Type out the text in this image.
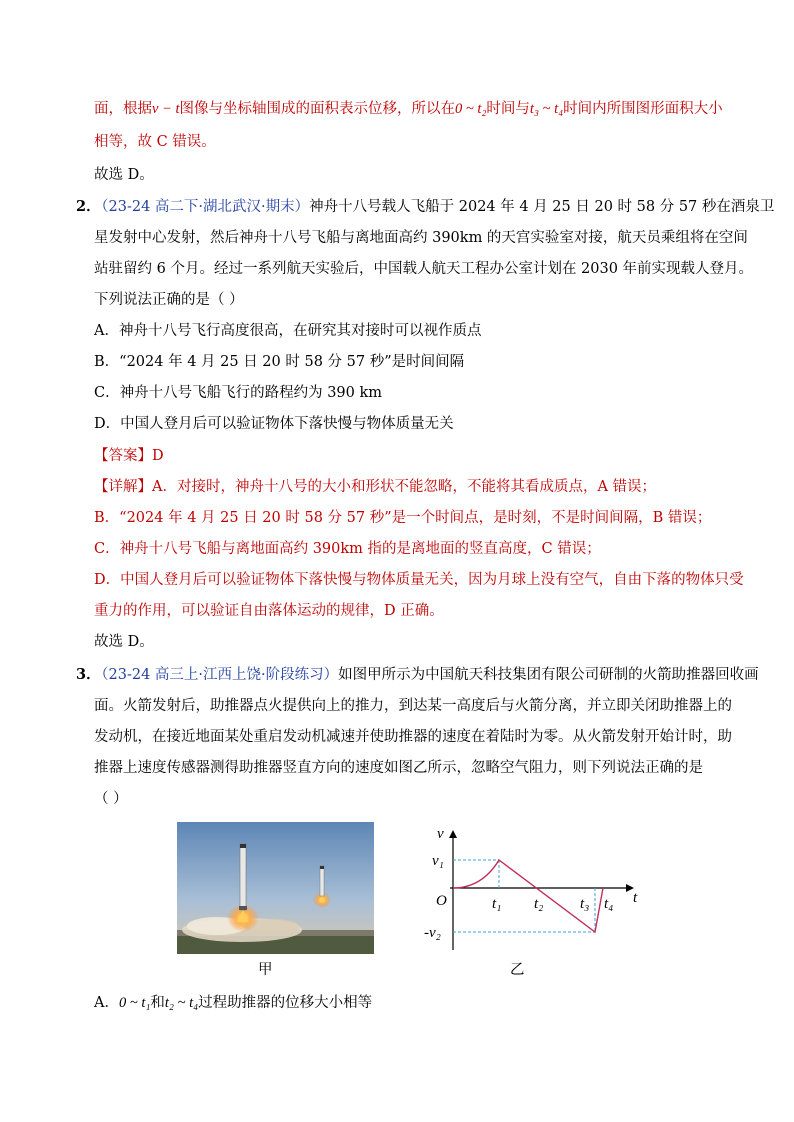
面，根据v − t图像与坐标轴围成的面积表示位移，所以在0 ~ t₂时间与t₃ ~ t₄时间内所围图形面积大小
相等，故 C 错误。
故选 D。
2．
（23-24 高二下·湖北武汉·期末）神舟十八号载人飞船于 2024 年 4 月 25 日 20 时 58 分 57 秒在酒泉卫
星发射中心发射，然后神舟十八号飞船与离地面高约 390km 的天宫实验室对接，航天员乘组将在空间
站驻留约 6 个月。经过一系列航天实验后，中国载人航天工程办公室计划在 2030 年前实现载人登月。
下列说法正确的是（ ）
A．神舟十八号飞行高度很高，在研究其对接时可以视作质点
B．“2024 年 4 月 25 日 20 时 58 分 57 秒”是时间间隔
C．神舟十八号飞船飞行的路程约为 390 km
D．中国人登月后可以验证物体下落快慢与物体质量无关
【答案】D
【详解】A．对接时，神舟十八号的大小和形状不能忽略，不能将其看成质点，A 错误；
B．“2024 年 4 月 25 日 20 时 58 分 57 秒”是一个时间点，是时刻，不是时间间隔，B 错误；
C．神舟十八号飞船与离地面高约 390km 指的是离地面的竖直高度，C 错误；
D．中国人登月后可以验证物体下落快慢与物体质量无关，因为月球上没有空气，自由下落的物体只受
重力的作用，可以验证自由落体运动的规律，D 正确。
故选 D。
3．
（23-24 高三上·江西上饶·阶段练习）如图甲所示为中国航天科技集团有限公司研制的火箭助推器回收画
面。火箭发射后，助推器点火提供向上的推力，到达某一高度后与火箭分离，并立即关闭助推器上的
发动机，在接近地面某处重启发动机减速并使助推器的速度在着陆时为零。从火箭发射开始计时，助
推器上速度传感器测得助推器竖直方向的速度如图乙所示，忽略空气阻力，则下列说法正确的是
（ ）
甲
v
t
O
v₁
-v₂
t₁ t₂ t₃ t₄
乙
A．0 ~ t₁和t₂ ~ t₄过程助推器的位移大小相等
